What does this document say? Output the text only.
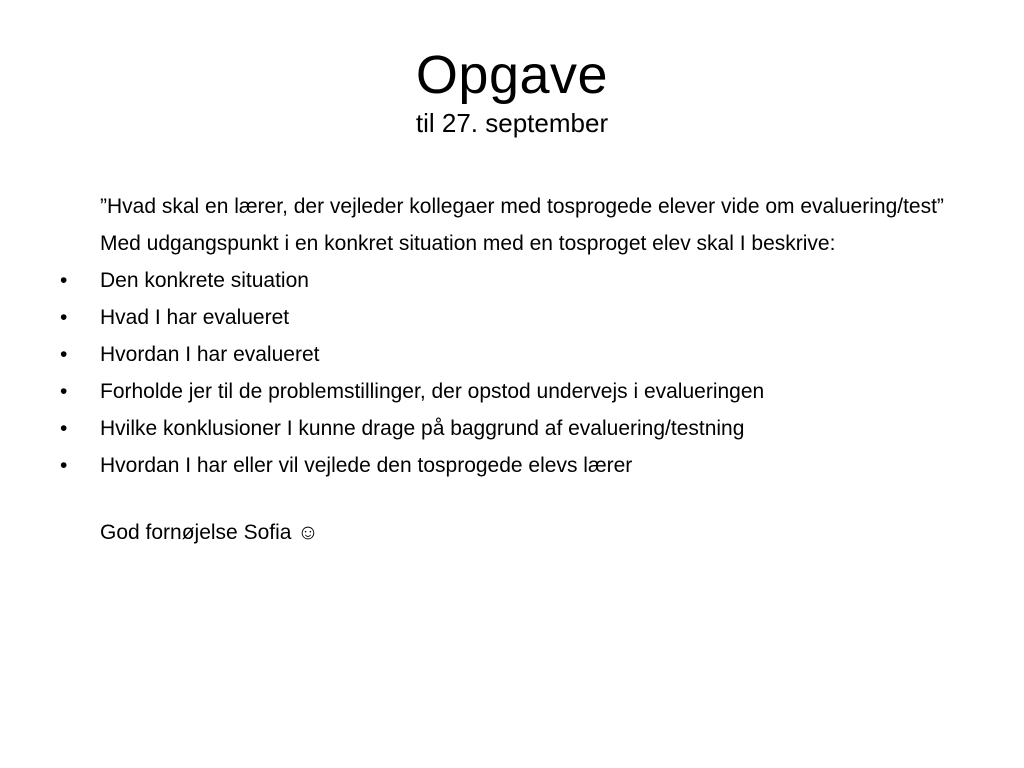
Opgave
til 27. september

”Hvad skal en lærer, der vejleder kollegaer med tosprogede elever vide om evaluering/test”

Med udgangspunkt i en konkret situation med en tosproget elev skal I beskrive:

•	Den konkrete situation
•	Hvad I har evalueret
•	Hvordan I har evalueret
•	Forholde jer til de problemstillinger, der opstod undervejs i evalueringen
•	Hvilke konklusioner I kunne drage på baggrund af evaluering/testning
•	Hvordan I har eller vil vejlede den tosprogede elevs lærer

God fornøjelse Sofia ☺
